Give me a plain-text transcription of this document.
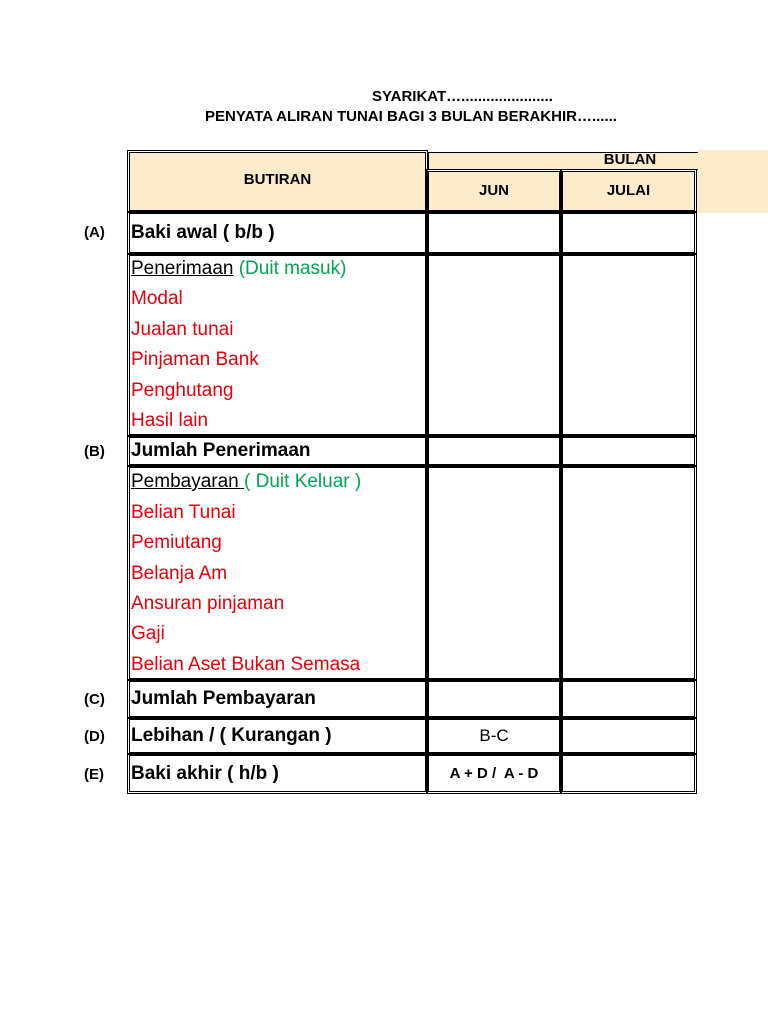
SYARIKAT…......................
PENYATA ALIRAN TUNAI BAGI 3 BULAN BERAKHIR…......
BUTIRAN
BULAN
JUN	JULAI
(A) Baki awal ( b/b )
Penerimaan (Duit masuk)
Modal
Jualan tunai
Pinjaman Bank
Penghutang
Hasil lain
(B) Jumlah Penerimaan
Pembayaran ( Duit Keluar )
Belian Tunai
Pemiutang
Belanja Am
Ansuran pinjaman
Gaji
Belian Aset Bukan Semasa
(C) Jumlah Pembayaran
(D) Lebihan / ( Kurangan )	B-C
(E) Baki akhir ( h/b )	A + D /  A - D
